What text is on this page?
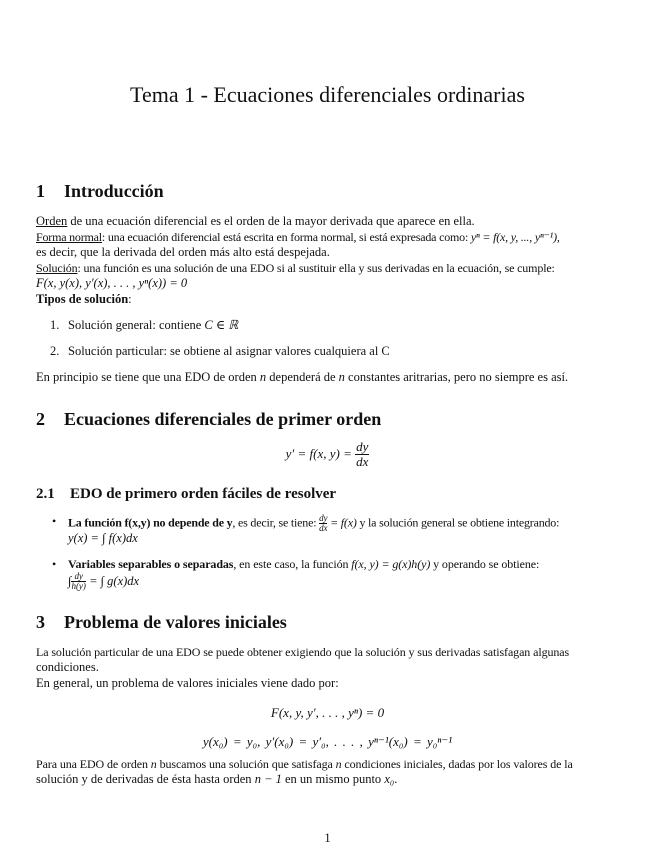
Tema 1 - Ecuaciones diferenciales ordinarias
1 Introducción
Orden de una ecuación diferencial es el orden de la mayor derivada que aparece en ella.
Forma normal: una ecuación diferencial está escrita en forma normal, si está expresada como: yⁿ = f(x, y, ..., yⁿ⁻¹),
es decir, que la derivada del orden más alto está despejada.
Solución: una función es una solución de una EDO si al sustituir ella y sus derivadas en la ecuación, se cumple:
F(x, y(x), y′(x), . . . , yⁿ(x)) = 0
Tipos de solución:
1. Solución general: contiene C ∈ ℝ
2. Solución particular: se obtiene al asignar valores cualquiera al C
En principio se tiene que una EDO de orden n dependerá de n constantes aritrarias, pero no siempre es así.
2 Ecuaciones diferenciales de primer orden
y′ = f(x, $y) = \frac{dy}{dx}$
2.1 EDO de primero orden fáciles de resolver
• La función f(x,y) no depende de y, es decir, se tiene: $\frac{dy}{dx} = f(x)$ y la solución general se obtiene integrando:
y(x) = ∫ f(x)dx
• Variables separables o separadas, en este caso, la función f(x, y) = g(x)h(y) y operando se obtiene:
∫ $\frac{dy}{h(y)}$ = ∫ g(x)dx
3 Problema de valores iniciales
La solución particular de una EDO se puede obtener exigiendo que la solución y sus derivadas satisfagan algunas
condiciones.
En general, un problema de valores iniciales viene dado por:
F(x, y, y′, . . . , yⁿ) = 0
y(x₀) = y₀, y′(x₀) = y′₀, . . . , yⁿ⁻¹(x₀) = y₀ⁿ⁻¹
Para una EDO de orden n buscamos una solución que satisfaga n condiciones iniciales, dadas por los valores de la
solución y de derivadas de ésta hasta orden n − 1 en un mismo punto x₀.
1
